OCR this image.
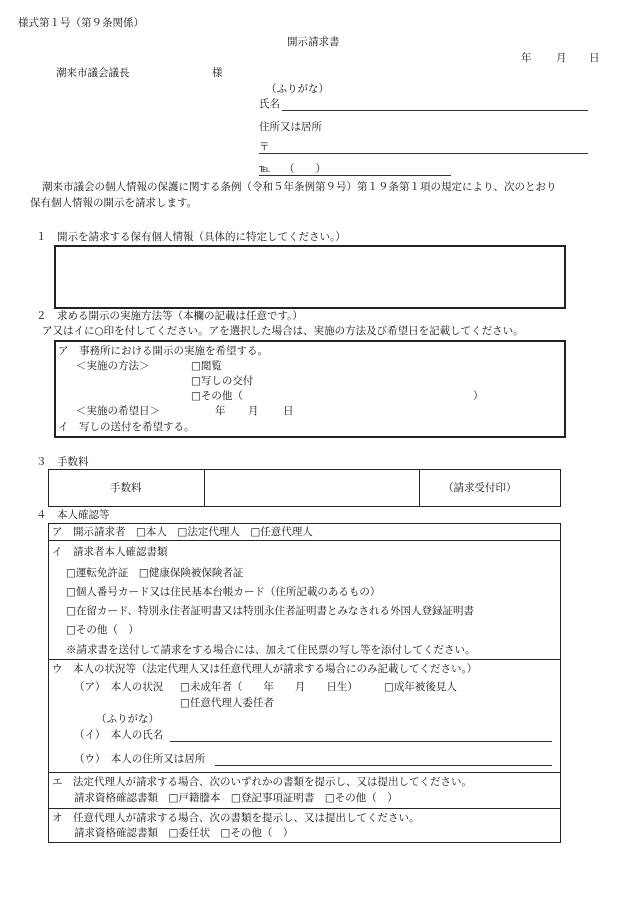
様式第１号（第９条関係）
開示請求書
年 月 日
潮来市議会議長	様
（ふりがな）
氏名
住所又は居所
〒
℡ （　　）
潮来市議会の個人情報の保護に関する条例（令和５年条例第９号）第１９条第１項の規定により、次のとおり
保有個人情報の開示を請求します。
１　開示を請求する保有個人情報（具体的に特定してください。）
２　求める開示の実施方法等（本欄の記載は任意です。）
ア又はイに○印を付してください。アを選択した場合は、実施の方法及び希望日を記載してください。
ア　事務所における開示の実施を希望する。
＜実施の方法＞	□閲覧
□写しの交付
□その他（	）
＜実施の希望日＞	年 月 日
イ　写しの送付を希望する。
３　手数料
手数料	（請求受付印）
４　本人確認等
ア　開示請求者　□本人　□法定代理人　□任意代理人
イ　請求者本人確認書類
□運転免許証　□健康保険被保険者証
□個人番号カード又は住民基本台帳カード（住所記載のあるもの）
□在留カード、特別永住者証明書又は特別永住者証明書とみなされる外国人登録証明書
□その他（　）
※請求書を送付して請求をする場合には、加えて住民票の写し等を添付してください。
ウ　本人の状況等（法定代理人又は任意代理人が請求する場合にのみ記載してください。）
（ア）　本人の状況 □未成年者（　　年　　月　　日生） □成年被後見人
□任意代理人委任者
（ふりがな）
（イ）　本人の氏名
（ウ）　本人の住所又は居所
エ　法定代理人が請求する場合、次のいずれかの書類を提示し、又は提出してください。
請求資格確認書類　□戸籍謄本　□登記事項証明書　□その他（　）
オ　任意代理人が請求する場合、次の書類を提示し、又は提出してください。
請求資格確認書類　□委任状　□その他（　）
